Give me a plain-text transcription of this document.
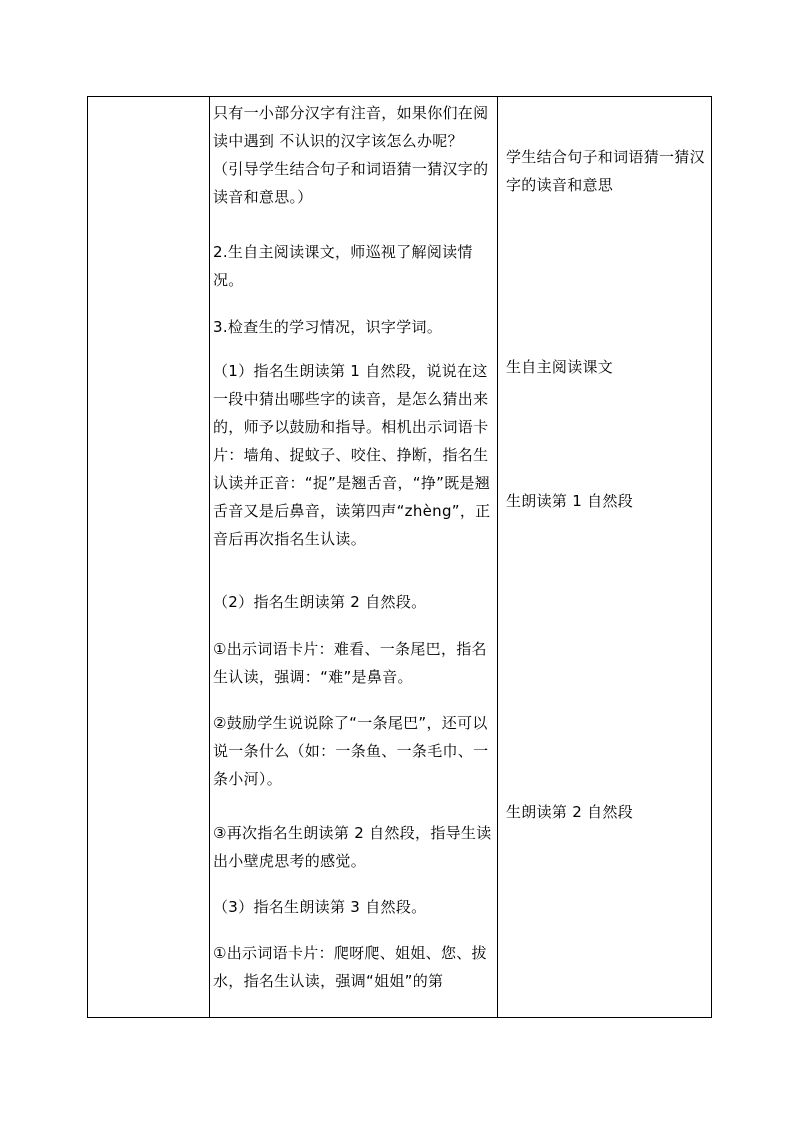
只有一小部分汉字有注音，如果你们在阅读中遇到 不认识的汉字该怎么办呢？（引导学生结合句子和词语猜一猜汉字的读音和意思。）

2.生自主阅读课文，师巡视了解阅读情况。

3.检查生的学习情况，识字学词。

（1）指名生朗读第 1 自然段，说说在这一段中猜出哪些字的读音，是怎么猜出来的，师予以鼓励和指导。相机出示词语卡片：墙角、捉蚊子、咬住、挣断，指名生认读并正音：“捉”是翘舌音，“挣”既是翘舌音又是后鼻音，读第四声“zhèng”，正音后再次指名生认读。

（2）指名生朗读第 2 自然段。

①出示词语卡片：难看、一条尾巴，指名生认读，强调：“难”是鼻音。

②鼓励学生说说除了“一条尾巴”，还可以说一条什么（如：一条鱼、一条毛巾、一条小河）。

③再次指名生朗读第 2 自然段，指导生读出小壁虎思考的感觉。

（3）指名生朗读第 3 自然段。

①出示词语卡片：爬呀爬、姐姐、您、拔水，指名生认读，强调“姐姐”的第

学生结合句子和词语猜一猜汉字的读音和意思
生自主阅读课文
生朗读第 1 自然段
生朗读第 2 自然段
